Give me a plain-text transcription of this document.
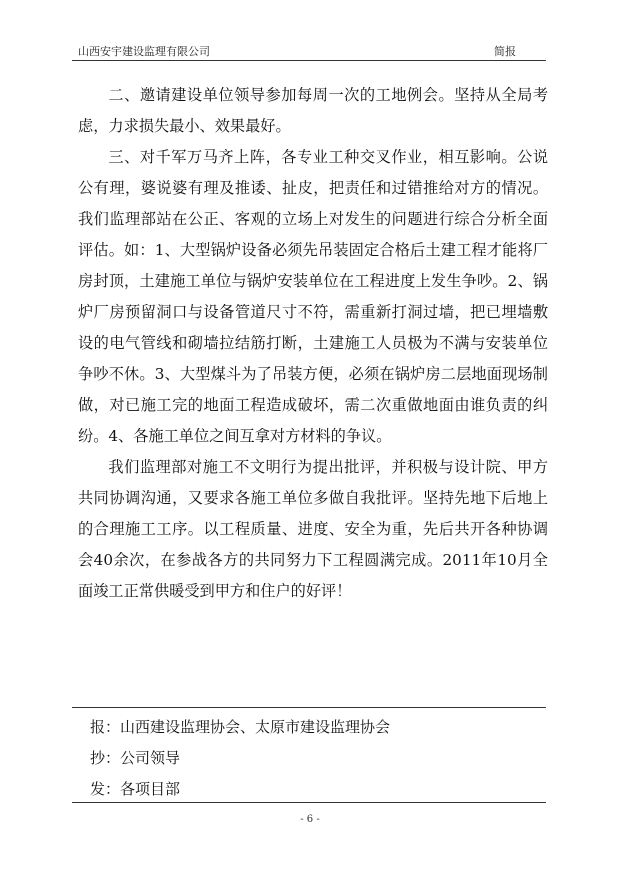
山西安宇建设监理有限公司	简报

二、邀请建设单位领导参加每周一次的工地例会。坚持从全局考虑，力求损失最小、效果最好。

三、对千军万马齐上阵，各专业工种交叉作业，相互影响。公说公有理，婆说婆有理及推诿、扯皮，把责任和过错推给对方的情况。我们监理部站在公正、客观的立场上对发生的问题进行综合分析全面评估。如：1、大型锅炉设备必须先吊装固定合格后土建工程才能将厂房封顶，土建施工单位与锅炉安装单位在工程进度上发生争吵。2、锅炉厂房预留洞口与设备管道尺寸不符，需重新打洞过墙，把已埋墙敷设的电气管线和砌墙拉结筋打断，土建施工人员极为不满与安装单位争吵不休。3、大型煤斗为了吊装方便，必须在锅炉房二层地面现场制做，对已施工完的地面工程造成破坏，需二次重做地面由谁负责的纠纷。4、各施工单位之间互拿对方材料的争议。

我们监理部对施工不文明行为提出批评，并积极与设计院、甲方共同协调沟通，又要求各施工单位多做自我批评。坚持先地下后地上的合理施工工序。以工程质量、进度、安全为重，先后共开各种协调会40余次，在参战各方的共同努力下工程圆满完成。2011年10月全面竣工正常供暖受到甲方和住户的好评！

报：山西建设监理协会、太原市建设监理协会
抄：公司领导
发：各项目部
- 6 -
